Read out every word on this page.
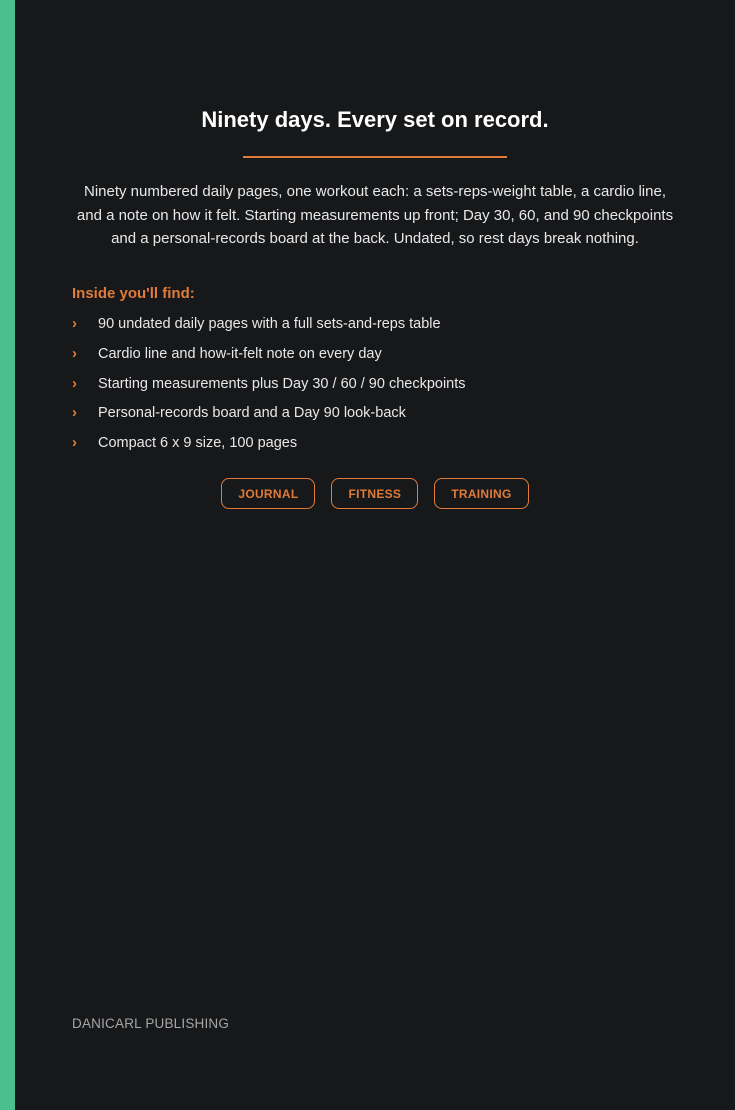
Ninety days. Every set on record.
Ninety numbered daily pages, one workout each: a sets-reps-weight table, a cardio line, and a note on how it felt. Starting measurements up front; Day 30, 60, and 90 checkpoints and a personal-records board at the back. Undated, so rest days break nothing.
Inside you'll find:
› 90 undated daily pages with a full sets-and-reps table
› Cardio line and how-it-felt note on every day
› Starting measurements plus Day 30 / 60 / 90 checkpoints
› Personal-records board and a Day 90 look-back
› Compact 6 x 9 size, 100 pages
JOURNAL	FITNESS	TRAINING
DANICARL PUBLISHING
